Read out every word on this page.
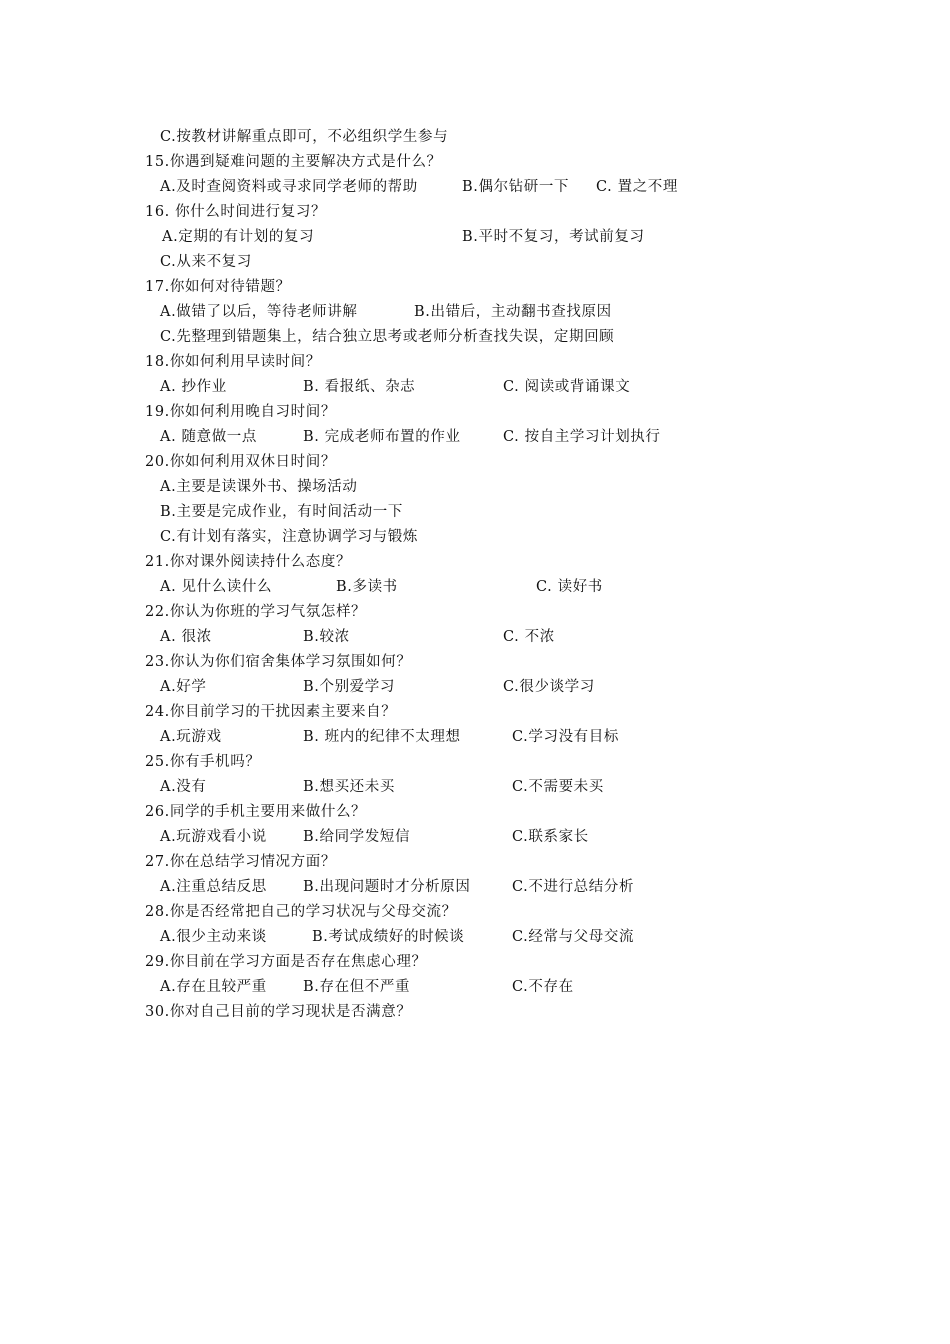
C.按教材讲解重点即可，不必组织学生参与
15.你遇到疑难问题的主要解决方式是什么？
A.及时查阅资料或寻求同学老师的帮助	B.偶尔钻研一下 C. 置之不理
16. 你什么时间进行复习？
A.定期的有计划的复习	B.平时不复习，考试前复习
C.从来不复习
17.你如何对待错题？
A.做错了以后，等待老师讲解	B.出错后，主动翻书查找原因
C.先整理到错题集上，结合独立思考或老师分析查找失误，定期回顾
18.你如何利用早读时间？
A. 抄作业	B. 看报纸、杂志	C. 阅读或背诵课文
19.你如何利用晚自习时间？
A. 随意做一点	B. 完成老师布置的作业	C. 按自主学习计划执行
20.你如何利用双休日时间？
A.主要是读课外书、操场活动
B.主要是完成作业，有时间活动一下
C.有计划有落实，注意协调学习与锻炼
21.你对课外阅读持什么态度？
A. 见什么读什么	B.多读书	C. 读好书
22.你认为你班的学习气氛怎样？
A. 很浓	B.较浓	C. 不浓
23.你认为你们宿舍集体学习氛围如何？
A.好学	B.个别爱学习	C.很少谈学习
24.你目前学习的干扰因素主要来自？
A.玩游戏	B. 班内的纪律不太理想	C.学习没有目标
25.你有手机吗？
A.没有	B.想买还未买	C.不需要未买
26.同学的手机主要用来做什么？
A.玩游戏看小说 B.给同学发短信	C.联系家长
27.你在总结学习情况方面？
A.注重总结反思 B.出现问题时才分析原因	C.不进行总结分析
28.你是否经常把自己的学习状况与父母交流？
A.很少主动来谈	B.考试成绩好的时候谈	C.经常与父母交流
29.你目前在学习方面是否存在焦虑心理？
A.存在且较严重 B.存在但不严重	C.不存在
30.你对自己目前的学习现状是否满意？
